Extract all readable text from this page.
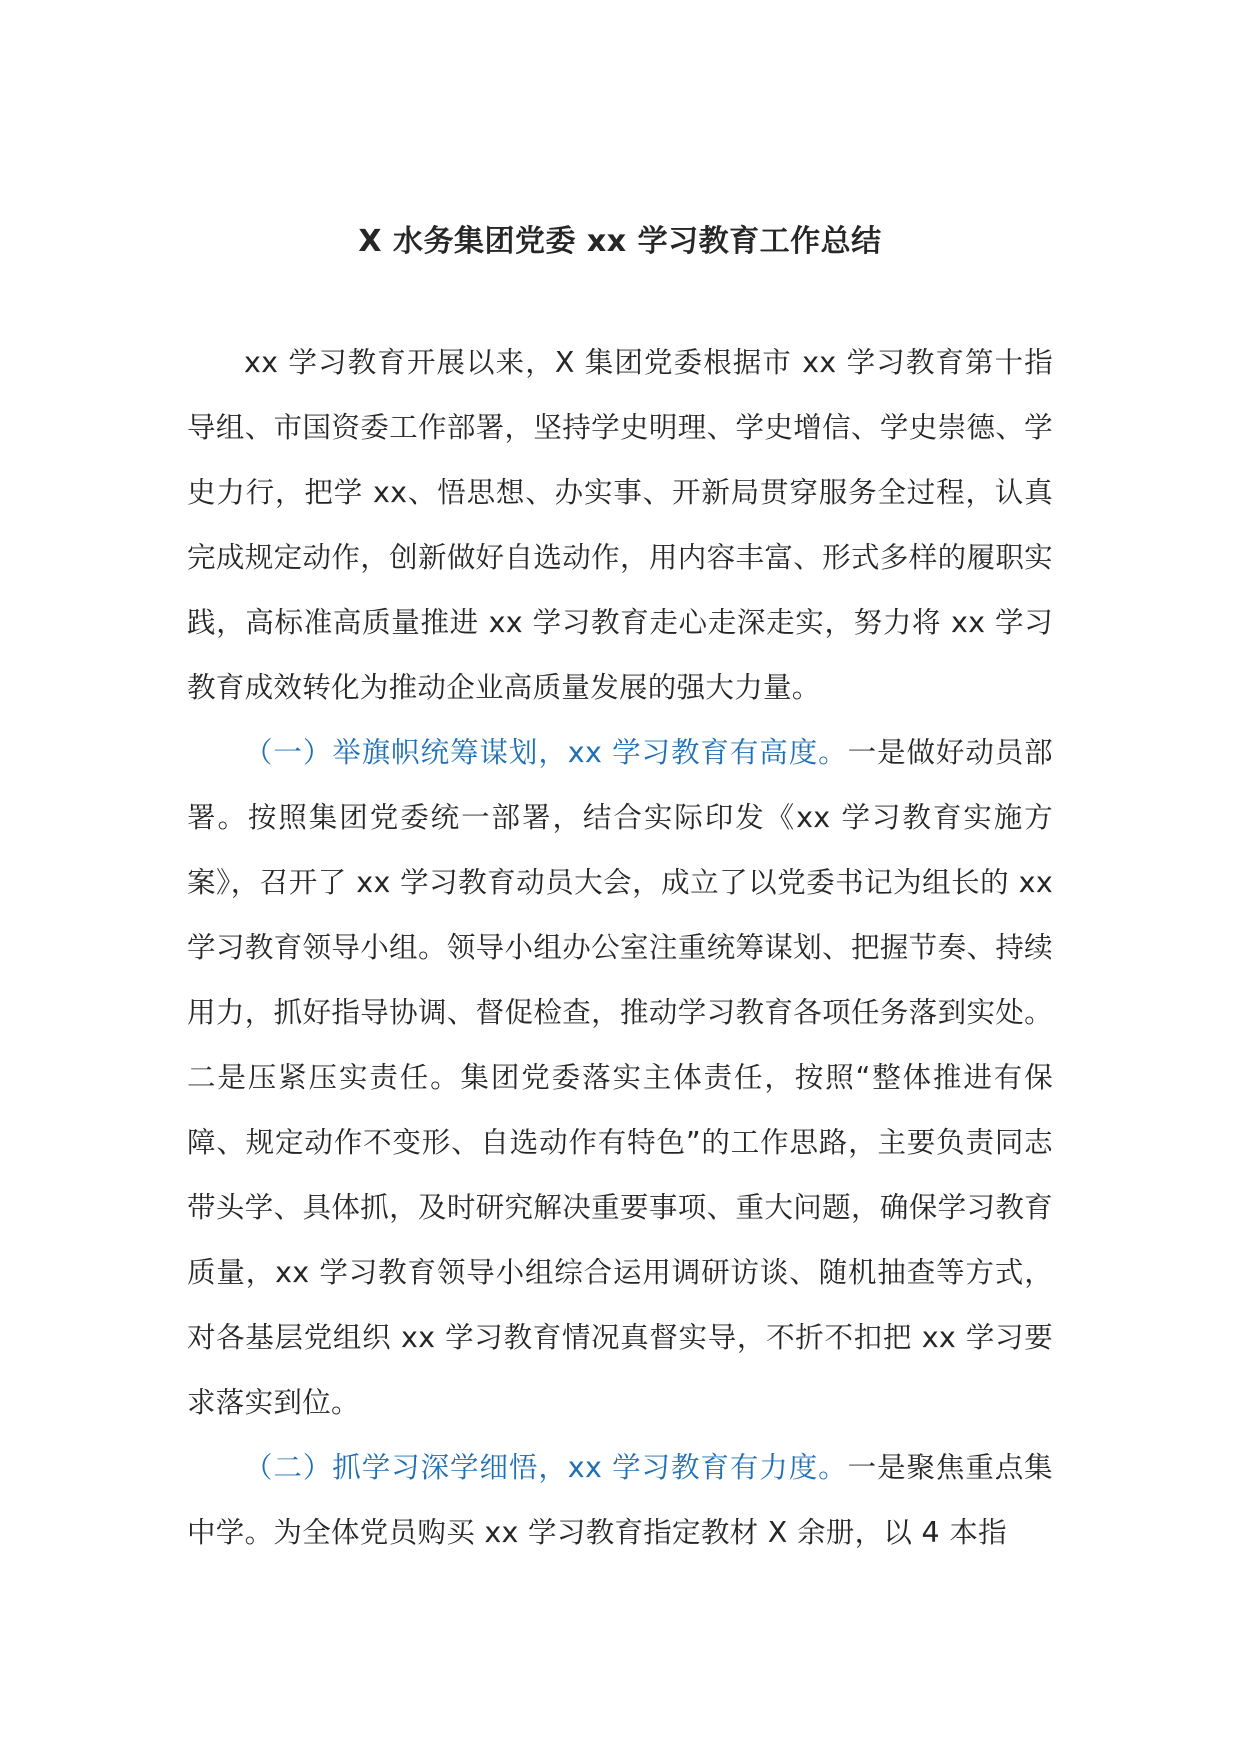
X 水务集团党委 xx 学习教育工作总结

xx 学习教育开展以来，X 集团党委根据市 xx 学习教育第十指导组、市国资委工作部署，坚持学史明理、学史增信、学史崇德、学史力行，把学 xx、悟思想、办实事、开新局贯穿服务全过程，认真完成规定动作，创新做好自选动作，用内容丰富、形式多样的履职实践，高标准高质量推进 xx 学习教育走心走深走实，努力将 xx 学习教育成效转化为推动企业高质量发展的强大力量。

（一）举旗帜统筹谋划，xx 学习教育有高度。一是做好动员部署。按照集团党委统一部署，结合实际印发《xx 学习教育实施方案》，召开了 xx 学习教育动员大会，成立了以党委书记为组长的 xx 学习教育领导小组。领导小组办公室注重统筹谋划、把握节奏、持续用力，抓好指导协调、督促检查，推动学习教育各项任务落到实处。二是压紧压实责任。集团党委落实主体责任，按照“整体推进有保障、规定动作不变形、自选动作有特色”的工作思路，主要负责同志带头学、具体抓，及时研究解决重要事项、重大问题，确保学习教育质量，xx 学习教育领导小组综合运用调研访谈、随机抽查等方式，对各基层党组织 xx 学习教育情况真督实导，不折不扣把 xx 学习要求落实到位。

（二）抓学习深学细悟，xx 学习教育有力度。一是聚焦重点集中学。为全体党员购买 xx 学习教育指定教材 X 余册，以 4 本指
